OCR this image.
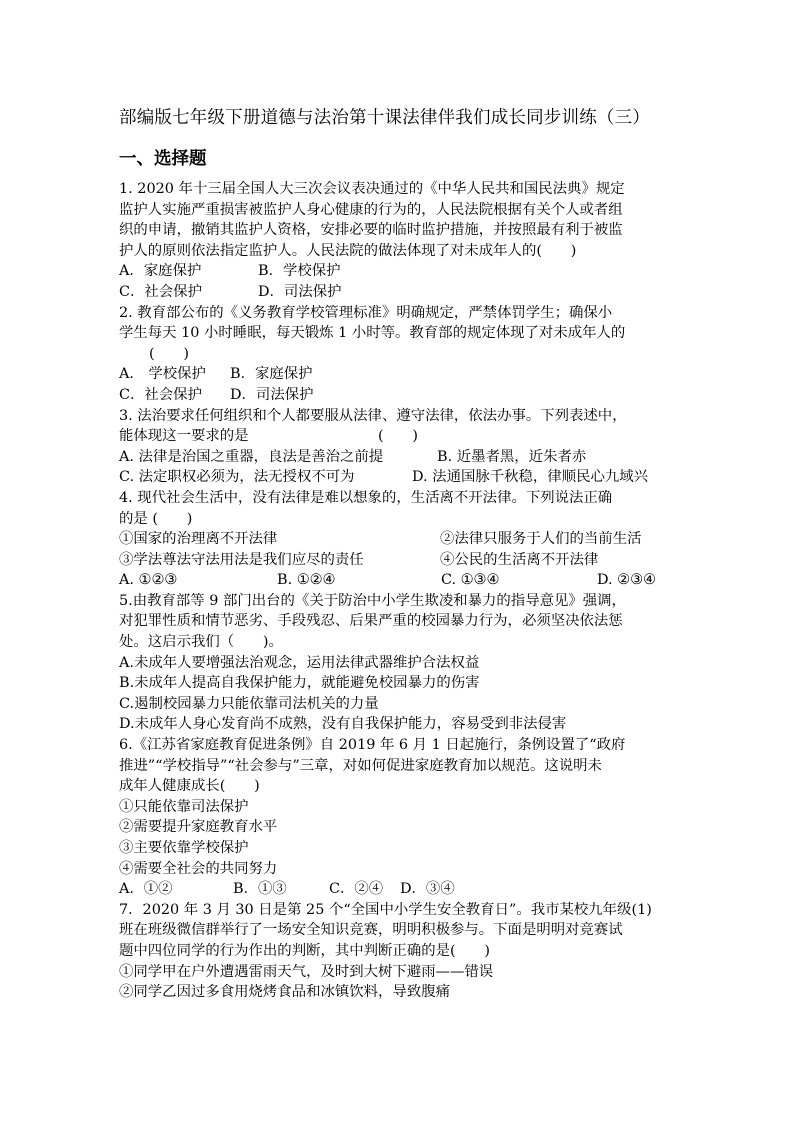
部编版七年级下册道德与法治第十课法律伴我们成长同步训练（三）
一、选择题
1. 2020 年十三届全国人大三次会议表决通过的《中华人民共和国民法典》规定
监护人实施严重损害被监护人身心健康的行为的，人民法院根据有关个人或者组
织的申请，撤销其监护人资格，安排必要的临时监护措施，并按照最有利于被监
护人的原则依法指定监护人。人民法院的做法体现了对未成年人的(　　)
A．家庭保护	B．学校保护
C．社会保护	D．司法保护
2. 教育部公布的《义务教育学校管理标准》明确规定，严禁体罚学生；确保小
学生每天 10 小时睡眠，每天锻炼 1 小时等。教育部的规定体现了对未成年人的
(　　)
A． 学校保护	B．家庭保护
C．社会保护	D．司法保护
3. 法治要求任何组织和个人都要服从法律、遵守法律，依法办事。下列表述中，
能体现这一要求的是　　　　　　　　　(　　)
A. 法律是治国之重器，良法是善治之前提	B. 近墨者黑，近朱者赤
C. 法定职权必须为，法无授权不可为	D. 法通国脉千秋稳，律顺民心九域兴
4. 现代社会生活中，没有法律是难以想象的，生活离不开法律。下列说法正确
的是 (　　)
①国家的治理离不开法律	②法律只服务于人们的当前生活
③学法尊法守法用法是我们应尽的责任	④公民的生活离不开法律
A. ①②③	B. ①②④	C. ①③④	D. ②③④
5.由教育部等 9 部门出台的《关于防治中小学生欺凌和暴力的指导意见》强调，
对犯罪性质和情节恶劣、手段残忍、后果严重的校园暴力行为，必须坚决依法惩
处。这启示我们（　　)。
A.未成年人要增强法治观念，运用法律武器维护合法权益
B.未成年人提高自我保护能力，就能避免校园暴力的伤害
C.遏制校园暴力只能依靠司法机关的力量
D.未成年人身心发育尚不成熟，没有自我保护能力，容易受到非法侵害
6.《江苏省家庭教育促进条例》自 2019 年 6 月 1 日起施行，条例设置了“政府
推进”“学校指导”“社会参与”三章，对如何促进家庭教育加以规范。这说明未
成年人健康成长(　　)
①只能依靠司法保护
②需要提升家庭教育水平
③主要依靠学校保护
④需要全社会的共同努力
A．①②	B．①③	C．②④	D．③④
7．2020 年 3 月 30 日是第 25 个“全国中小学生安全教育日”。我市某校九年级(1)
班在班级微信群举行了一场安全知识竞赛，明明积极参与。下面是明明对竞赛试
题中四位同学的行为作出的判断，其中判断正确的是(　　)
①同学甲在户外遭遇雷雨天气，及时到大树下避雨——错误
②同学乙因过多食用烧烤食品和冰镇饮料，导致腹痛
